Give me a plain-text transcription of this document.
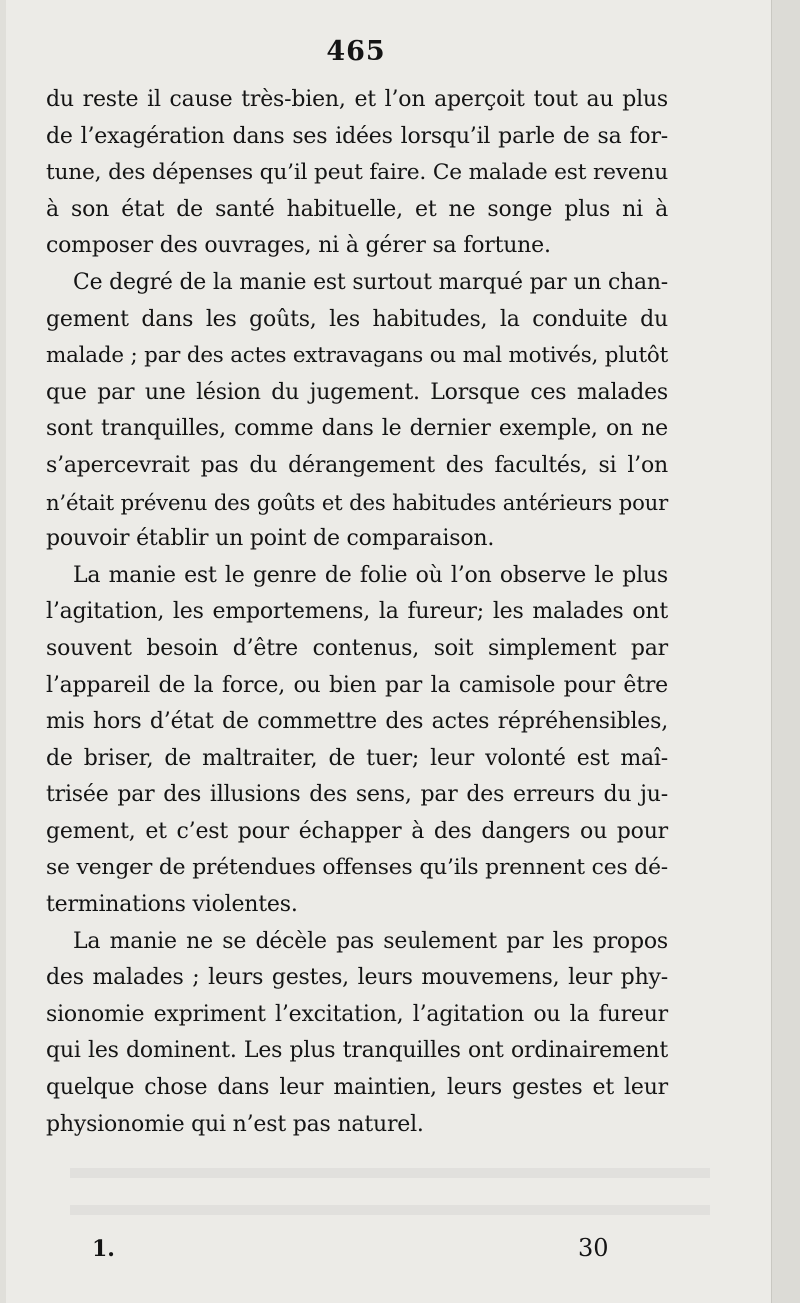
465
du reste il cause très-bien, et l’on aperçoit tout au plus
de l’exagération dans ses idées lorsqu’il parle de sa for-
tune, des dépenses qu’il peut faire. Ce malade est revenu
à son état de santé habituelle, et ne songe plus ni à
composer des ouvrages, ni à gérer sa fortune.
Ce degré de la manie est surtout marqué par un chan-
gement dans les goûts, les habitudes, la conduite du
malade ; par des actes extravagans ou mal motivés, plutôt
que par une lésion du jugement. Lorsque ces malades
sont tranquilles, comme dans le dernier exemple, on ne
s’apercevrait pas du dérangement des facultés, si l’on
n’était prévenu des goûts et des habitudes antérieurs pour
pouvoir établir un point de comparaison.
La manie est le genre de folie où l’on observe le plus
l’agitation, les emportemens, la fureur; les malades ont
souvent besoin d’être contenus, soit simplement par
l’appareil de la force, ou bien par la camisole pour être
mis hors d’état de commettre des actes répréhensibles,
de briser, de maltraiter, de tuer; leur volonté est maî-
trisée par des illusions des sens, par des erreurs du ju-
gement, et c’est pour échapper à des dangers ou pour
se venger de prétendues offenses qu’ils prennent ces dé-
terminations violentes.
La manie ne se décèle pas seulement par les propos
des malades ; leurs gestes, leurs mouvemens, leur phy-
sionomie expriment l’excitation, l’agitation ou la fureur
qui les dominent. Les plus tranquilles ont ordinairement
quelque chose dans leur maintien, leurs gestes et leur
physionomie qui n’est pas naturel.
1.	30
